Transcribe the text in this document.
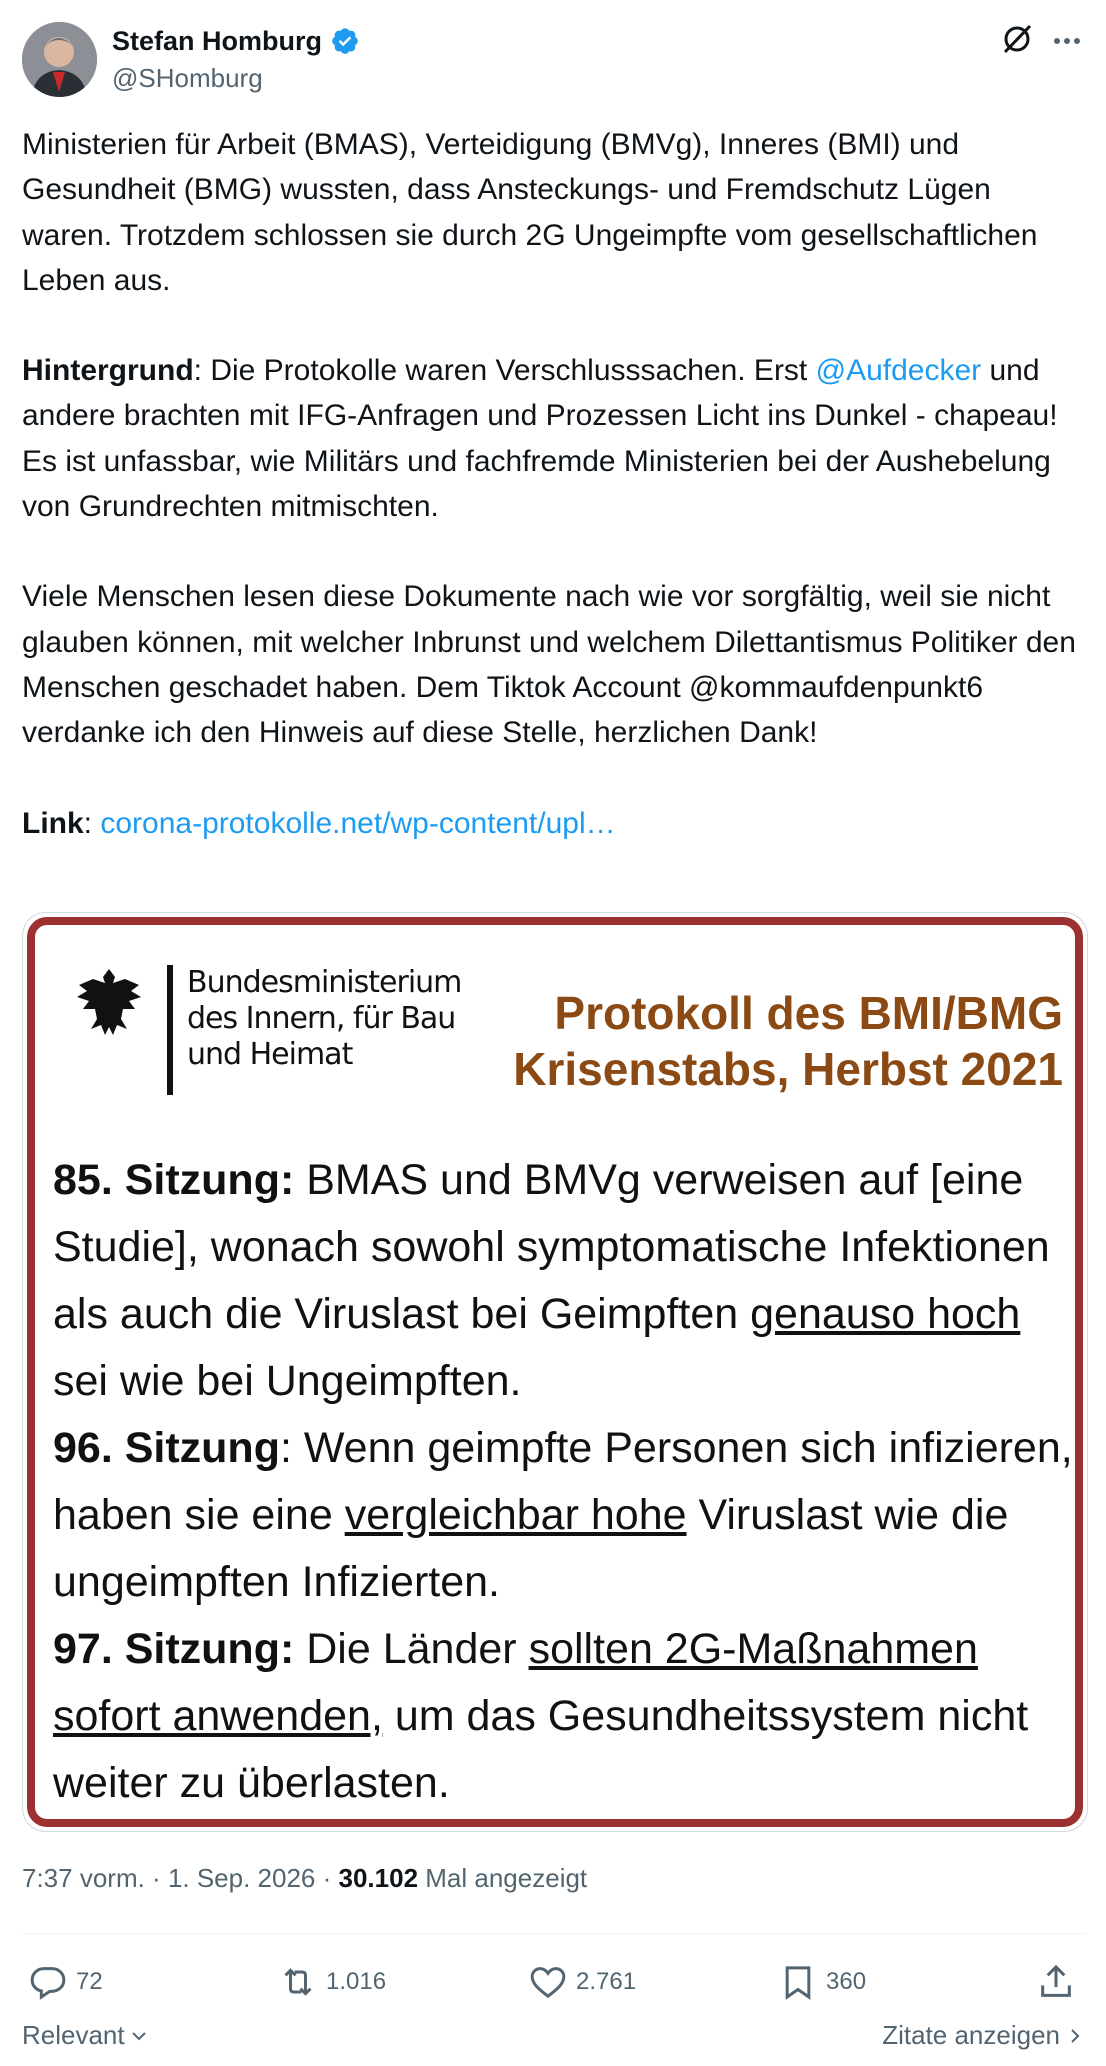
Stefan Homburg
@SHomburg

Ministerien für Arbeit (BMAS), Verteidigung (BMVg), Inneres (BMI) und Gesundheit (BMG) wussten, dass Ansteckungs- und Fremdschutz Lügen waren. Trotzdem schlossen sie durch 2G Ungeimpfte vom gesellschaftlichen Leben aus.

Hintergrund: Die Protokolle waren Verschlusssachen. Erst @Aufdecker und andere brachten mit IFG-Anfragen und Prozessen Licht ins Dunkel - chapeau! Es ist unfassbar, wie Militärs und fachfremde Ministerien bei der Aushebelung von Grundrechten mitmischten.

Viele Menschen lesen diese Dokumente nach wie vor sorgfältig, weil sie nicht glauben können, mit welcher Inbrunst und welchem Dilettantismus Politiker den Menschen geschadet haben. Dem Tiktok Account @kommaufdenpunkt6 verdanke ich den Hinweis auf diese Stelle, herzlichen Dank!

Link: corona-protokolle.net/wp-content/upl…

Bundesministerium
des Innern, für Bau
und Heimat
Protokoll des BMI/BMG
Krisenstabs, Herbst 2021
85. Sitzung: BMAS und BMVg verweisen auf [eine Studie], wonach sowohl symptomatische Infektionen als auch die Viruslast bei Geimpften genauso hoch sei wie bei Ungeimpften.
96. Sitzung: Wenn geimpfte Personen sich infizieren, haben sie eine vergleichbar hohe Viruslast wie die ungeimpften Infizierten.
97. Sitzung: Die Länder sollten 2G-Maßnahmen sofort anwenden, um das Gesundheitssystem nicht weiter zu überlasten.
7:37 vorm. · 1. Sep. 2026 · 30.102 Mal angezeigt
72	1.016	2.761	360
Relevant	Zitate anzeigen
